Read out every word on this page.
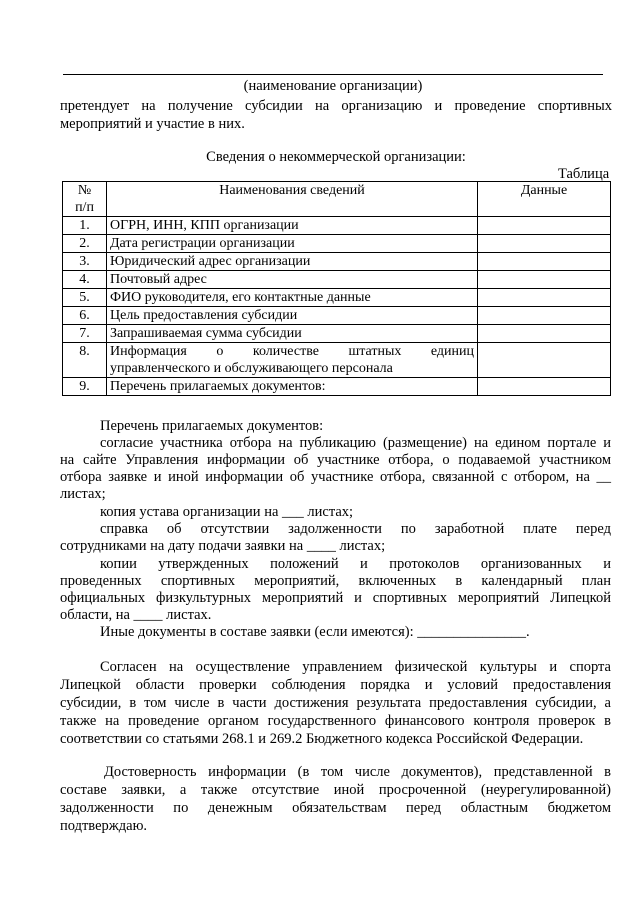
(наименование организации)
претендует на получение субсидии на организацию и проведение спортивных
мероприятий и участие в них.
Сведения о некоммерческой организации:
Таблица
№
п/п	Наименования сведений	Данные
1.	ОГРН, ИНН, КПП организации	
2.	Дата регистрации организации	
3.	Юридический адрес организации	
4.	Почтовый адрес	
5.	ФИО руководителя, его контактные данные	
6.	Цель предоставления субсидии	
7.	Запрашиваемая сумма субсидии	
8.	Информация о количестве штатных единиц
управленческого и обслуживающего персонала	
9.	Перечень прилагаемых документов:	
Перечень прилагаемых документов:
согласие участника отбора на публикацию (размещение) на едином портале и
на сайте Управления информации об участнике отбора, о подаваемой участником
отбора заявке и иной информации об участнике отбора, связанной с отбором, на __
листах;
копия устава организации на ___ листах;
справка об отсутствии задолженности по заработной плате перед
сотрудниками на дату подачи заявки на ____ листах;
копии утвержденных положений и протоколов организованных и
проведенных спортивных мероприятий, включенных в календарный план
официальных физкультурных мероприятий и спортивных мероприятий Липецкой
области, на ____ листах.
Иные документы в составе заявки (если имеются): _______________.
Согласен на осуществление управлением физической культуры и спорта
Липецкой области проверки соблюдения порядка и условий предоставления
субсидии, в том числе в части достижения результата предоставления субсидии, а
также на проведение органом государственного финансового контроля проверок в
соответствии со статьями 268.1 и 269.2 Бюджетного кодекса Российской Федерации.
Достоверность информации (в том числе документов), представленной в
составе заявки, а также отсутствие иной просроченной (неурегулированной)
задолженности по денежным обязательствам перед областным бюджетом
подтверждаю.
